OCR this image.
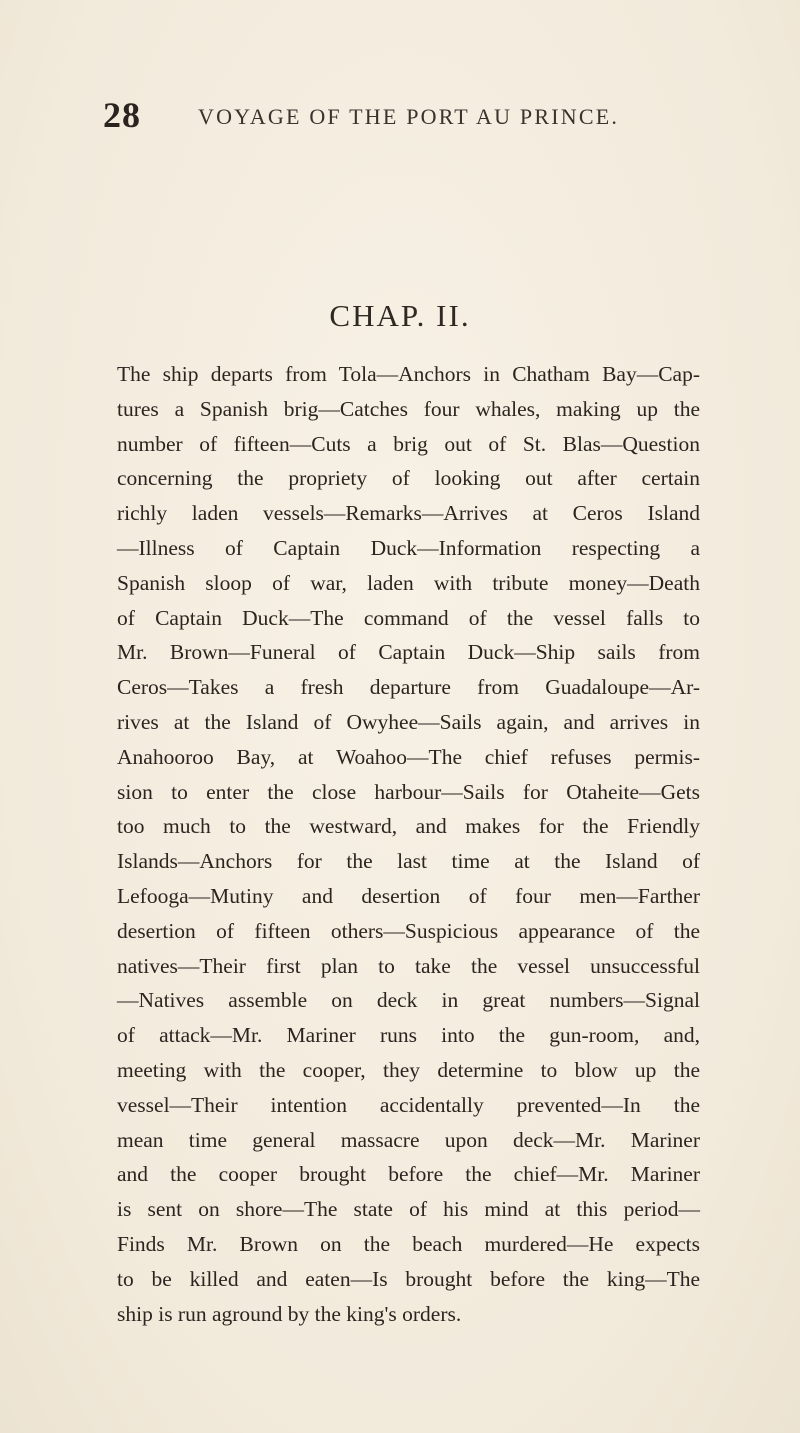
28	VOYAGE OF THE PORT AU PRINCE.
CHAP. II.
The ship departs from Tola—Anchors in Chatham Bay—Cap-
tures a Spanish brig—Catches four whales, making up the
number of fifteen—Cuts a brig out of St. Blas—Question
concerning the propriety of looking out after certain
richly laden vessels—Remarks—Arrives at Ceros Island
—Illness of Captain Duck—Information respecting a
Spanish sloop of war, laden with tribute money—Death
of Captain Duck—The command of the vessel falls to
Mr. Brown—Funeral of Captain Duck—Ship sails from
Ceros—Takes a fresh departure from Guadaloupe—Ar-
rives at the Island of Owyhee—Sails again, and arrives in
Anahooroo Bay, at Woahoo—The chief refuses permis-
sion to enter the close harbour—Sails for Otaheite—Gets
too much to the westward, and makes for the Friendly
Islands—Anchors for the last time at the Island of
Lefooga—Mutiny and desertion of four men—Farther
desertion of fifteen others—Suspicious appearance of the
natives—Their first plan to take the vessel unsuccessful
—Natives assemble on deck in great numbers—Signal
of attack—Mr. Mariner runs into the gun-room, and,
meeting with the cooper, they determine to blow up the
vessel—Their intention accidentally prevented—In the
mean time general massacre upon deck—Mr. Mariner
and the cooper brought before the chief—Mr. Mariner
is sent on shore—The state of his mind at this period—
Finds Mr. Brown on the beach murdered—He expects
to be killed and eaten—Is brought before the king—The
ship is run aground by the king's orders.
